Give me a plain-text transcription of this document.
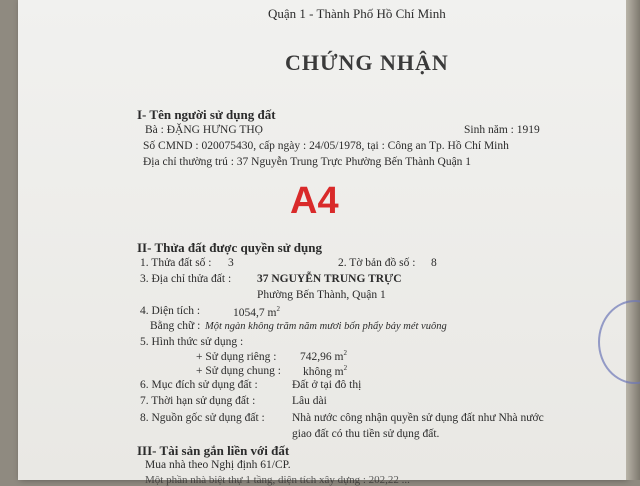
Quận 1 - Thành Phố Hồ Chí Minh
CHỨNG NHẬN
I- Tên người sử dụng đất
Bà : ĐẶNG HƯNG THỌ	Sinh năm : 1919
Số CMND : 020075430, cấp ngày : 24/05/1978, tại : Công an Tp. Hồ Chí Minh
Địa chỉ thường trú : 37 Nguyễn Trung Trực Phường Bến Thành Quận 1
A4
II- Thửa đất được quyền sử dụng
1. Thửa đất số : 3	2. Tờ bản đồ số : 8
3. Địa chỉ thửa đất : 37 NGUYỄN TRUNG TRỰC
Phường Bến Thành, Quận 1
4. Diện tích :	1054,7 $m^2$
Bằng chữ : Một ngàn không trăm năm mươi bốn phẩy bảy mét vuông
5. Hình thức sử dụng :
+ Sử dụng riêng : 742,96 $m^2$
+ Sử dụng chung : không $m^2$
6. Mục đích sử dụng đất :	Đất ở tại đô thị
7. Thời hạn sử dụng đất :	Lâu dài
8. Nguồn gốc sử dụng đất : Nhà nước công nhận quyền sử dụng đất như Nhà nước
giao đất có thu tiền sử dụng đất.
III- Tài sản gắn liền với đất
Mua nhà theo Nghị định 61/CP.
Một phần nhà biệt thự 1 tầng, diện tích xây dựng : 202,22 ...
